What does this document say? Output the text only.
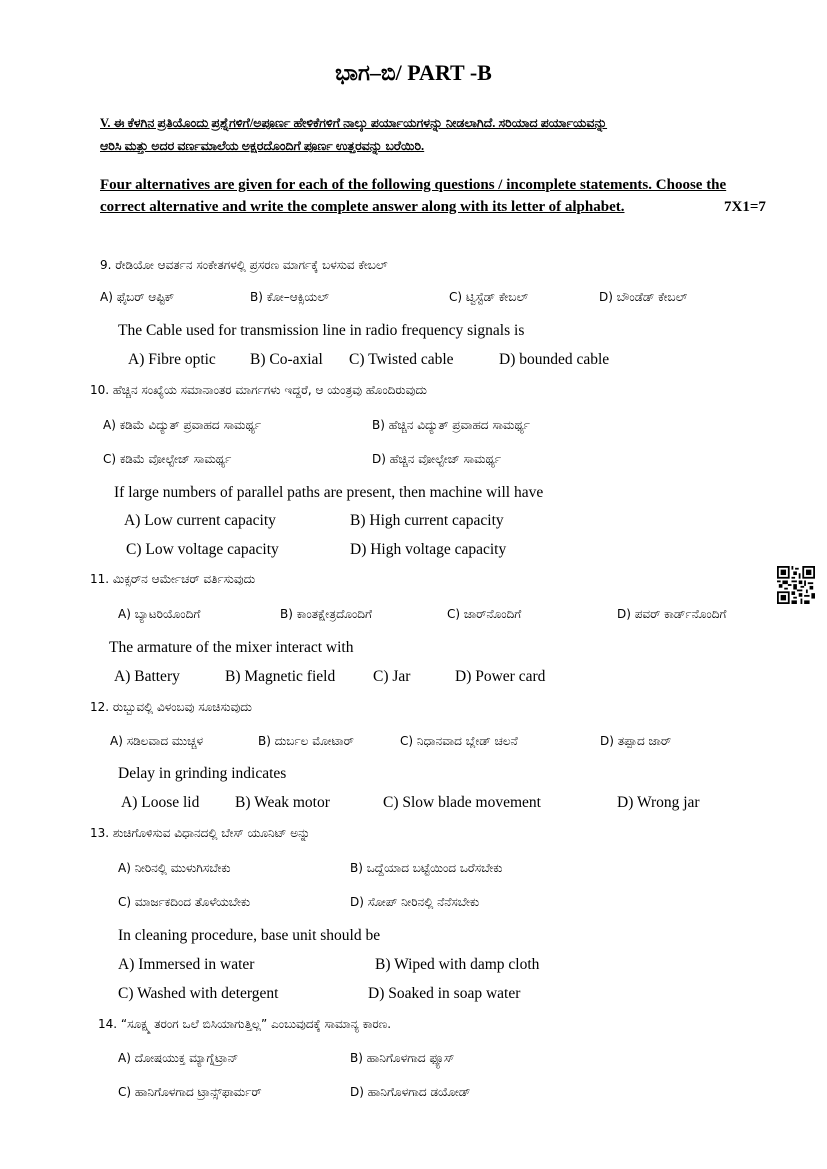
ಭಾಗ–ಬಿ/ PART -B
V. ಈ ಕೆಳಗಿನ ಪ್ರತಿಯೊಂದು ಪ್ರಶ್ನೆಗಳಿಗೆ/ಅಪೂರ್ಣ ಹೇಳಿಕೆಗಳಿಗೆ ನಾಲ್ಕು ಪರ್ಯಾಯಗಳನ್ನು ನೀಡಲಾಗಿದೆ. ಸರಿಯಾದ ಪರ್ಯಾಯವನ್ನು
ಆರಿಸಿ ಮತ್ತು ಅದರ ವರ್ಣಮಾಲೆಯ ಅಕ್ಷರದೊಂದಿಗೆ ಪೂರ್ಣ ಉತ್ತರವನ್ನು ಬರೆಯಿರಿ.
Four alternatives are given for each of the following questions / incomplete statements. Choose the
correct alternative and write the complete answer along with its letter of alphabet.	7X1=7
9. ರೇಡಿಯೋ ಆವರ್ತನ ಸಂಕೇತಗಳಲ್ಲಿ ಪ್ರಸರಣ ಮಾರ್ಗಕ್ಕೆ ಬಳಸುವ ಕೇಬಲ್
A) ಫೈಬರ್ ಆಪ್ಟಿಕ್	B) ಕೋ–ಆಕ್ಸಿಯಲ್	C) ಟ್ವಿಸ್ಟೆಡ್ ಕೇಬಲ್	D) ಬೌಂಡೆಡ್ ಕೇಬಲ್
The Cable used for transmission line in radio frequency signals is
A) Fibre optic B) Co-axial C) Twisted cable	D) bounded cable
10. ಹೆಚ್ಚಿನ ಸಂಖ್ಯೆಯ ಸಮಾನಾಂತರ ಮಾರ್ಗಗಳು ಇದ್ದರೆ, ಆ ಯಂತ್ರವು ಹೊಂದಿರುವುದು
A) ಕಡಿಮೆ ವಿದ್ಯುತ್ ಪ್ರವಾಹದ ಸಾಮರ್ಥ್ಯ	B) ಹೆಚ್ಚಿನ ವಿದ್ಯುತ್ ಪ್ರವಾಹದ ಸಾಮರ್ಥ್ಯ
C) ಕಡಿಮೆ ವೋಲ್ಟೇಜ್ ಸಾಮರ್ಥ್ಯ	D) ಹೆಚ್ಚಿನ ವೋಲ್ಟೇಜ್ ಸಾಮರ್ಥ್ಯ
If large numbers of parallel paths are present, then machine will have
A) Low current capacity	B) High current capacity
C) Low voltage capacity	D) High voltage capacity
11. ಮಿಕ್ಸರ್‌ನ ಆರ್ಮೇಚರ್ ವರ್ತಿಸುವುದು
A) ಬ್ಯಾಟರಿಯೊಂದಿಗೆ	B) ಕಾಂತಕ್ಷೇತ್ರದೊಂದಿಗೆ	C) ಜಾರ್‌ನೊಂದಿಗೆ	D) ಪವರ್ ಕಾರ್ಡ್‌ನೊಂದಿಗೆ
The armature of the mixer interact with
A) Battery	B) Magnetic field C) Jar	D) Power card
12. ರುಬ್ಬುವಲ್ಲಿ ವಿಳಂಬವು ಸೂಚಿಸುವುದು
A) ಸಡಿಲವಾದ ಮುಚ್ಚಳ	B) ದುರ್ಬಲ ಮೋಟಾರ್	C) ನಿಧಾನವಾದ ಬ್ಲೇಡ್ ಚಲನೆ	D) ತಪ್ಪಾದ ಜಾರ್
Delay in grinding indicates
A) Loose lid B) Weak motor	C) Slow blade movement	D) Wrong jar
13. ಶುಚಿಗೊಳಿಸುವ ವಿಧಾನದಲ್ಲಿ ಬೇಸ್ ಯೂನಿಟ್ ಅನ್ನು
A) ನೀರಿನಲ್ಲಿ ಮುಳುಗಿಸಬೇಕು	B) ಒದ್ದೆಯಾದ ಬಟ್ಟೆಯಿಂದ ಒರೆಸಬೇಕು
C) ಮಾರ್ಜಕದಿಂದ ತೊಳೆಯಬೇಕು	D) ಸೋಪ್ ನೀರಿನಲ್ಲಿ ನೆನೆಸಬೇಕು
In cleaning procedure, base unit should be
A) Immersed in water	B) Wiped with damp cloth
C) Washed with detergent	D) Soaked in soap water
14. “ಸೂಕ್ಷ್ಮ ತರಂಗ ಒಲೆ ಬಿಸಿಯಾಗುತ್ತಿಲ್ಲ” ಎಂಬುವುದಕ್ಕೆ ಸಾಮಾನ್ಯ ಕಾರಣ.
A) ದೋಷಯುಕ್ತ ಮ್ಯಾಗ್ನೆಟ್ರಾನ್	B) ಹಾನಿಗೊಳಗಾದ ಫ್ಯೂಸ್
C) ಹಾನಿಗೊಳಗಾದ ಟ್ರಾನ್ಸ್‌ಫಾರ್ಮರ್	D) ಹಾನಿಗೊಳಗಾದ ಡಯೋಡ್
